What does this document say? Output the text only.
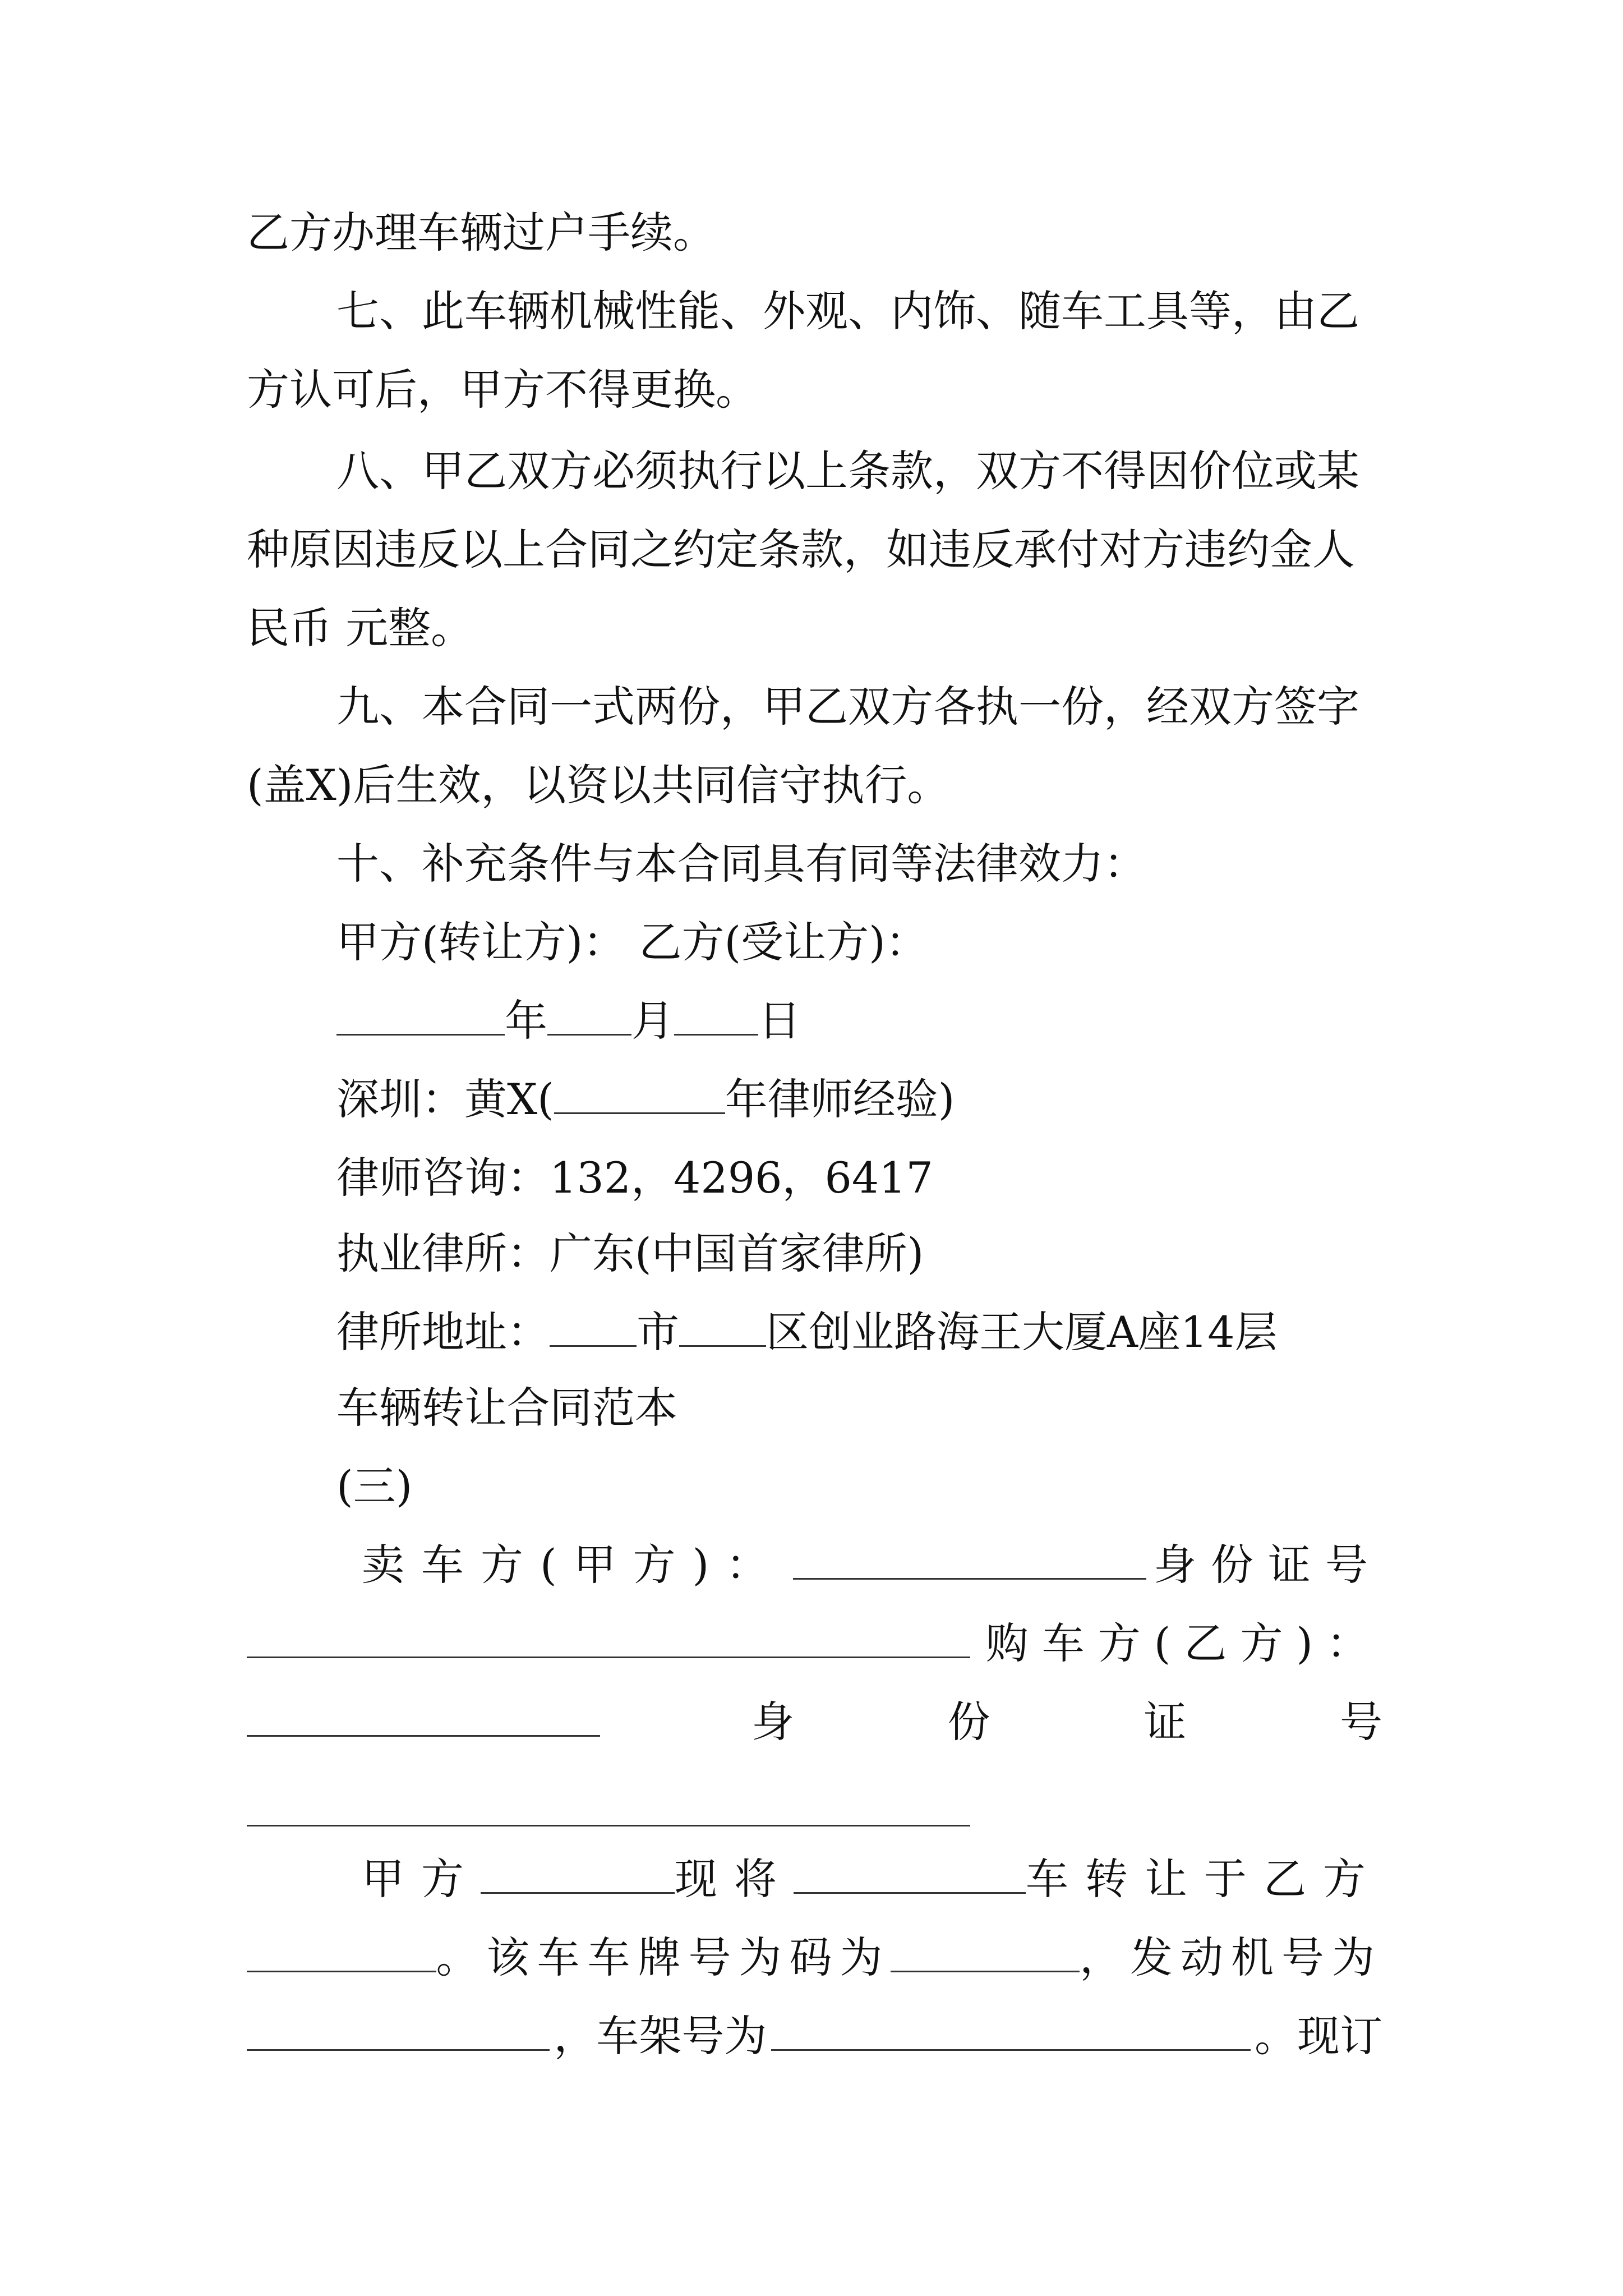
乙方办理车辆过户手续。

七、此车辆机械性能、外观、内饰、随车工具等，由乙

方认可后，甲方不得更换。

八、甲乙双方必须执行以上条款，双方不得因价位或某

种原因违反以上合同之约定条款，如违反承付对方违约金人

民币 元整。

九、本合同一式两份，甲乙双方各执一份，经双方签字

(盖X)后生效，以资以共同信守执行。

十、补充条件与本合同具有同等法律效力：

甲方(转让方)： 乙方(受让方)：

年 月 日
深圳：黄X(	年律师经验)

律师咨询：132，4296，6417

执业律所：广东(中国首家律所)

律所地址： 市 区创业路海王大厦A座14层

车辆转让合同范本

(三)

卖车方(甲方)：	身份证号
购车方(乙方)：
身	份	证	号
甲方	现将	车转让于乙方
。该车车牌号为码为	，发动机号为
，车架号为	。现订
